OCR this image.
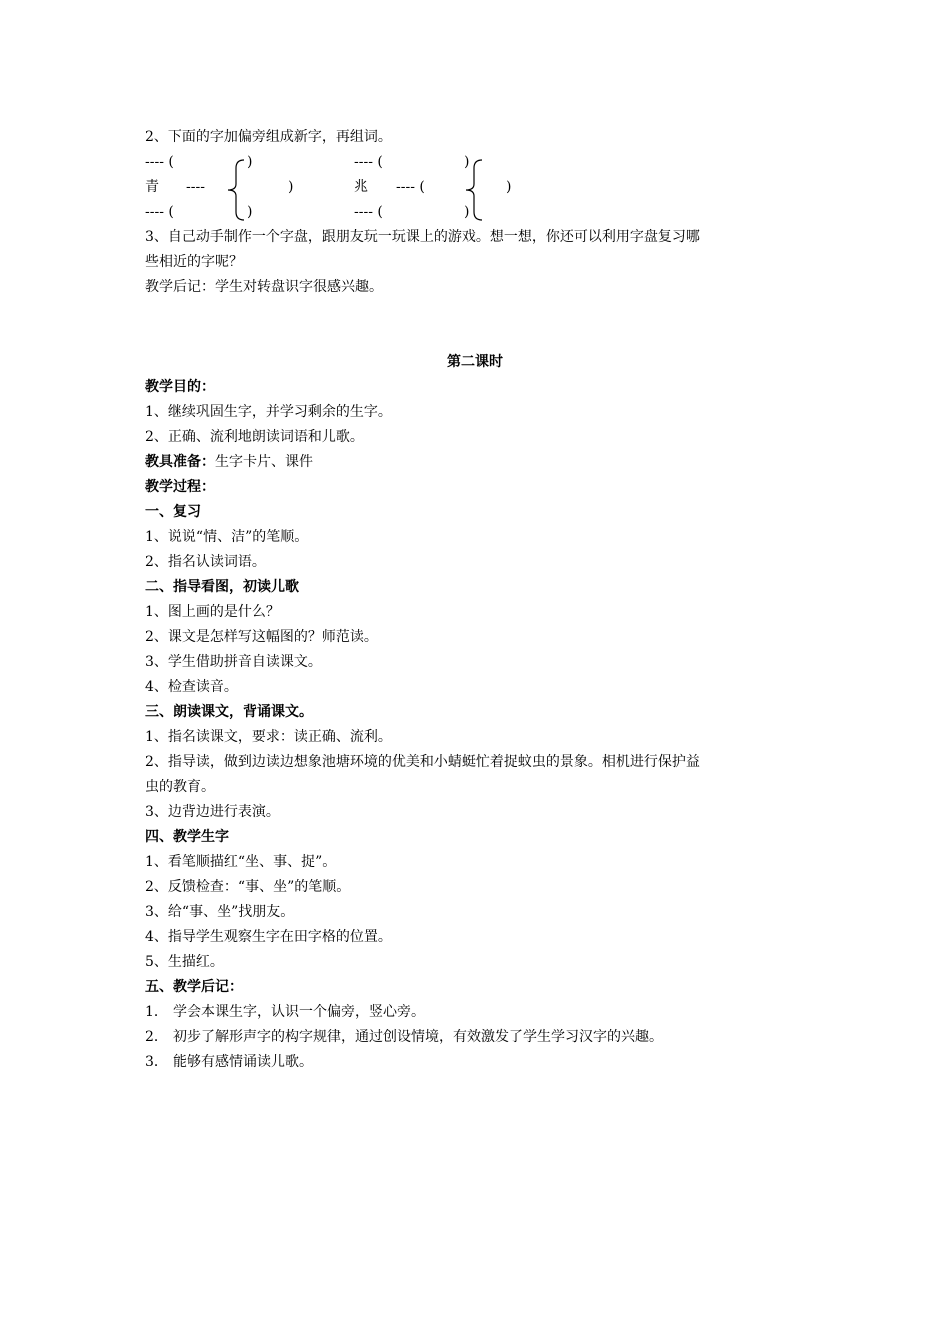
2、下面的字加偏旁组成新字，再组词。
---- (	)
青 ----	)
---- (	)
---- (	)
兆 ---- (	)
---- (	)
3、自己动手制作一个字盘，跟朋友玩一玩课上的游戏。想一想，你还可以利用字盘复习哪
些相近的字呢？
教学后记：学生对转盘识字很感兴趣。
第二课时
教学目的：
1、继续巩固生字，并学习剩余的生字。
2、正确、流利地朗读词语和儿歌。
教具准备：生字卡片、课件
教学过程：
一、复习
1、说说“情、洁”的笔顺。
2、指名认读词语。
二、指导看图，初读儿歌
1、图上画的是什么？
2、课文是怎样写这幅图的？师范读。
3、学生借助拼音自读课文。
4、检查读音。
三、朗读课文，背诵课文。
1、指名读课文，要求：读正确、流利。
2、指导读，做到边读边想象池塘环境的优美和小蜻蜓忙着捉蚊虫的景象。相机进行保护益
虫的教育。
3、边背边进行表演。
四、教学生字
1、看笔顺描红“坐、事、捉”。
2、反馈检查：“事、坐”的笔顺。
3、给“事、坐”找朋友。
4、指导学生观察生字在田字格的位置。
5、生描红。
五、教学后记：
1． 学会本课生字，认识一个偏旁，竖心旁。
2． 初步了解形声字的构字规律，通过创设情境，有效激发了学生学习汉字的兴趣。
3． 能够有感情诵读儿歌。
